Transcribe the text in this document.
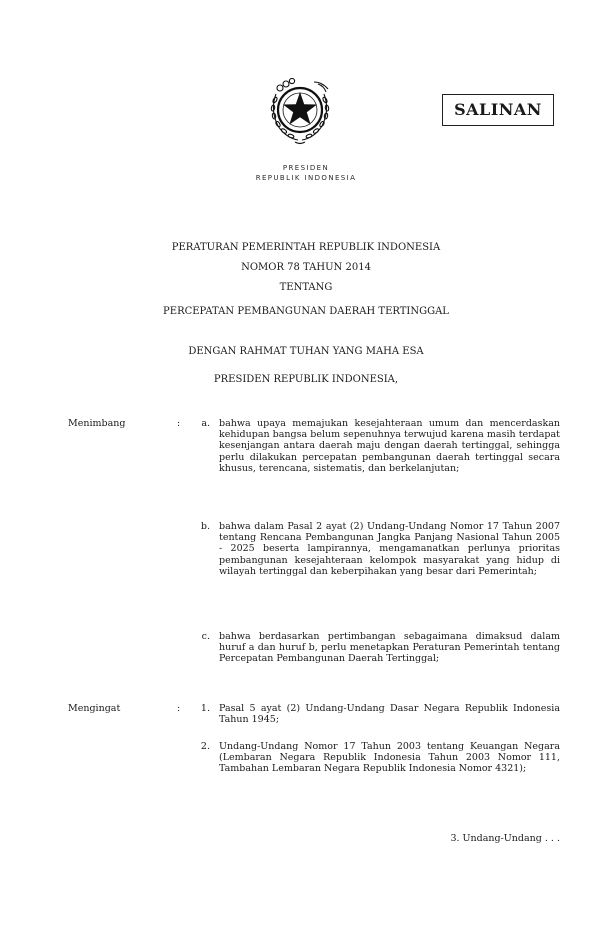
SALINAN
PRESIDEN
REPUBLIK INDONESIA
PERATURAN PEMERINTAH REPUBLIK INDONESIA
NOMOR 78 TAHUN 2014
TENTANG
PERCEPATAN PEMBANGUNAN DAERAH TERTINGGAL
DENGAN RAHMAT TUHAN YANG MAHA ESA
PRESIDEN REPUBLIK INDONESIA,
Menimbang	:	a. bahwa upaya memajukan kesejahteraan umum dan mencerdaskan kehidupan bangsa belum sepenuhnya terwujud karena masih terdapat kesenjangan antara daerah maju dengan daerah tertinggal, sehingga perlu dilakukan percepatan pembangunan daerah tertinggal secara khusus, terencana, sistematis, dan berkelanjutan;
b. bahwa dalam Pasal 2 ayat (2) Undang-Undang Nomor 17 Tahun 2007 tentang Rencana Pembangunan Jangka Panjang Nasional Tahun 2005 - 2025 beserta lampirannya, mengamanatkan perlunya prioritas pembangunan kesejahteraan kelompok masyarakat yang hidup di wilayah tertinggal dan keberpihakan yang besar dari Pemerintah;
c. bahwa berdasarkan pertimbangan sebagaimana dimaksud dalam huruf a dan huruf b, perlu menetapkan Peraturan Pemerintah tentang Percepatan Pembangunan Daerah Tertinggal;
Mengingat	:	1. Pasal 5 ayat (2) Undang-Undang Dasar Negara Republik Indonesia Tahun 1945;
2. Undang-Undang Nomor 17 Tahun 2003 tentang Keuangan Negara (Lembaran Negara Republik Indonesia Tahun 2003 Nomor 111, Tambahan Lembaran Negara Republik Indonesia Nomor 4321);
3. Undang-Undang . . .
